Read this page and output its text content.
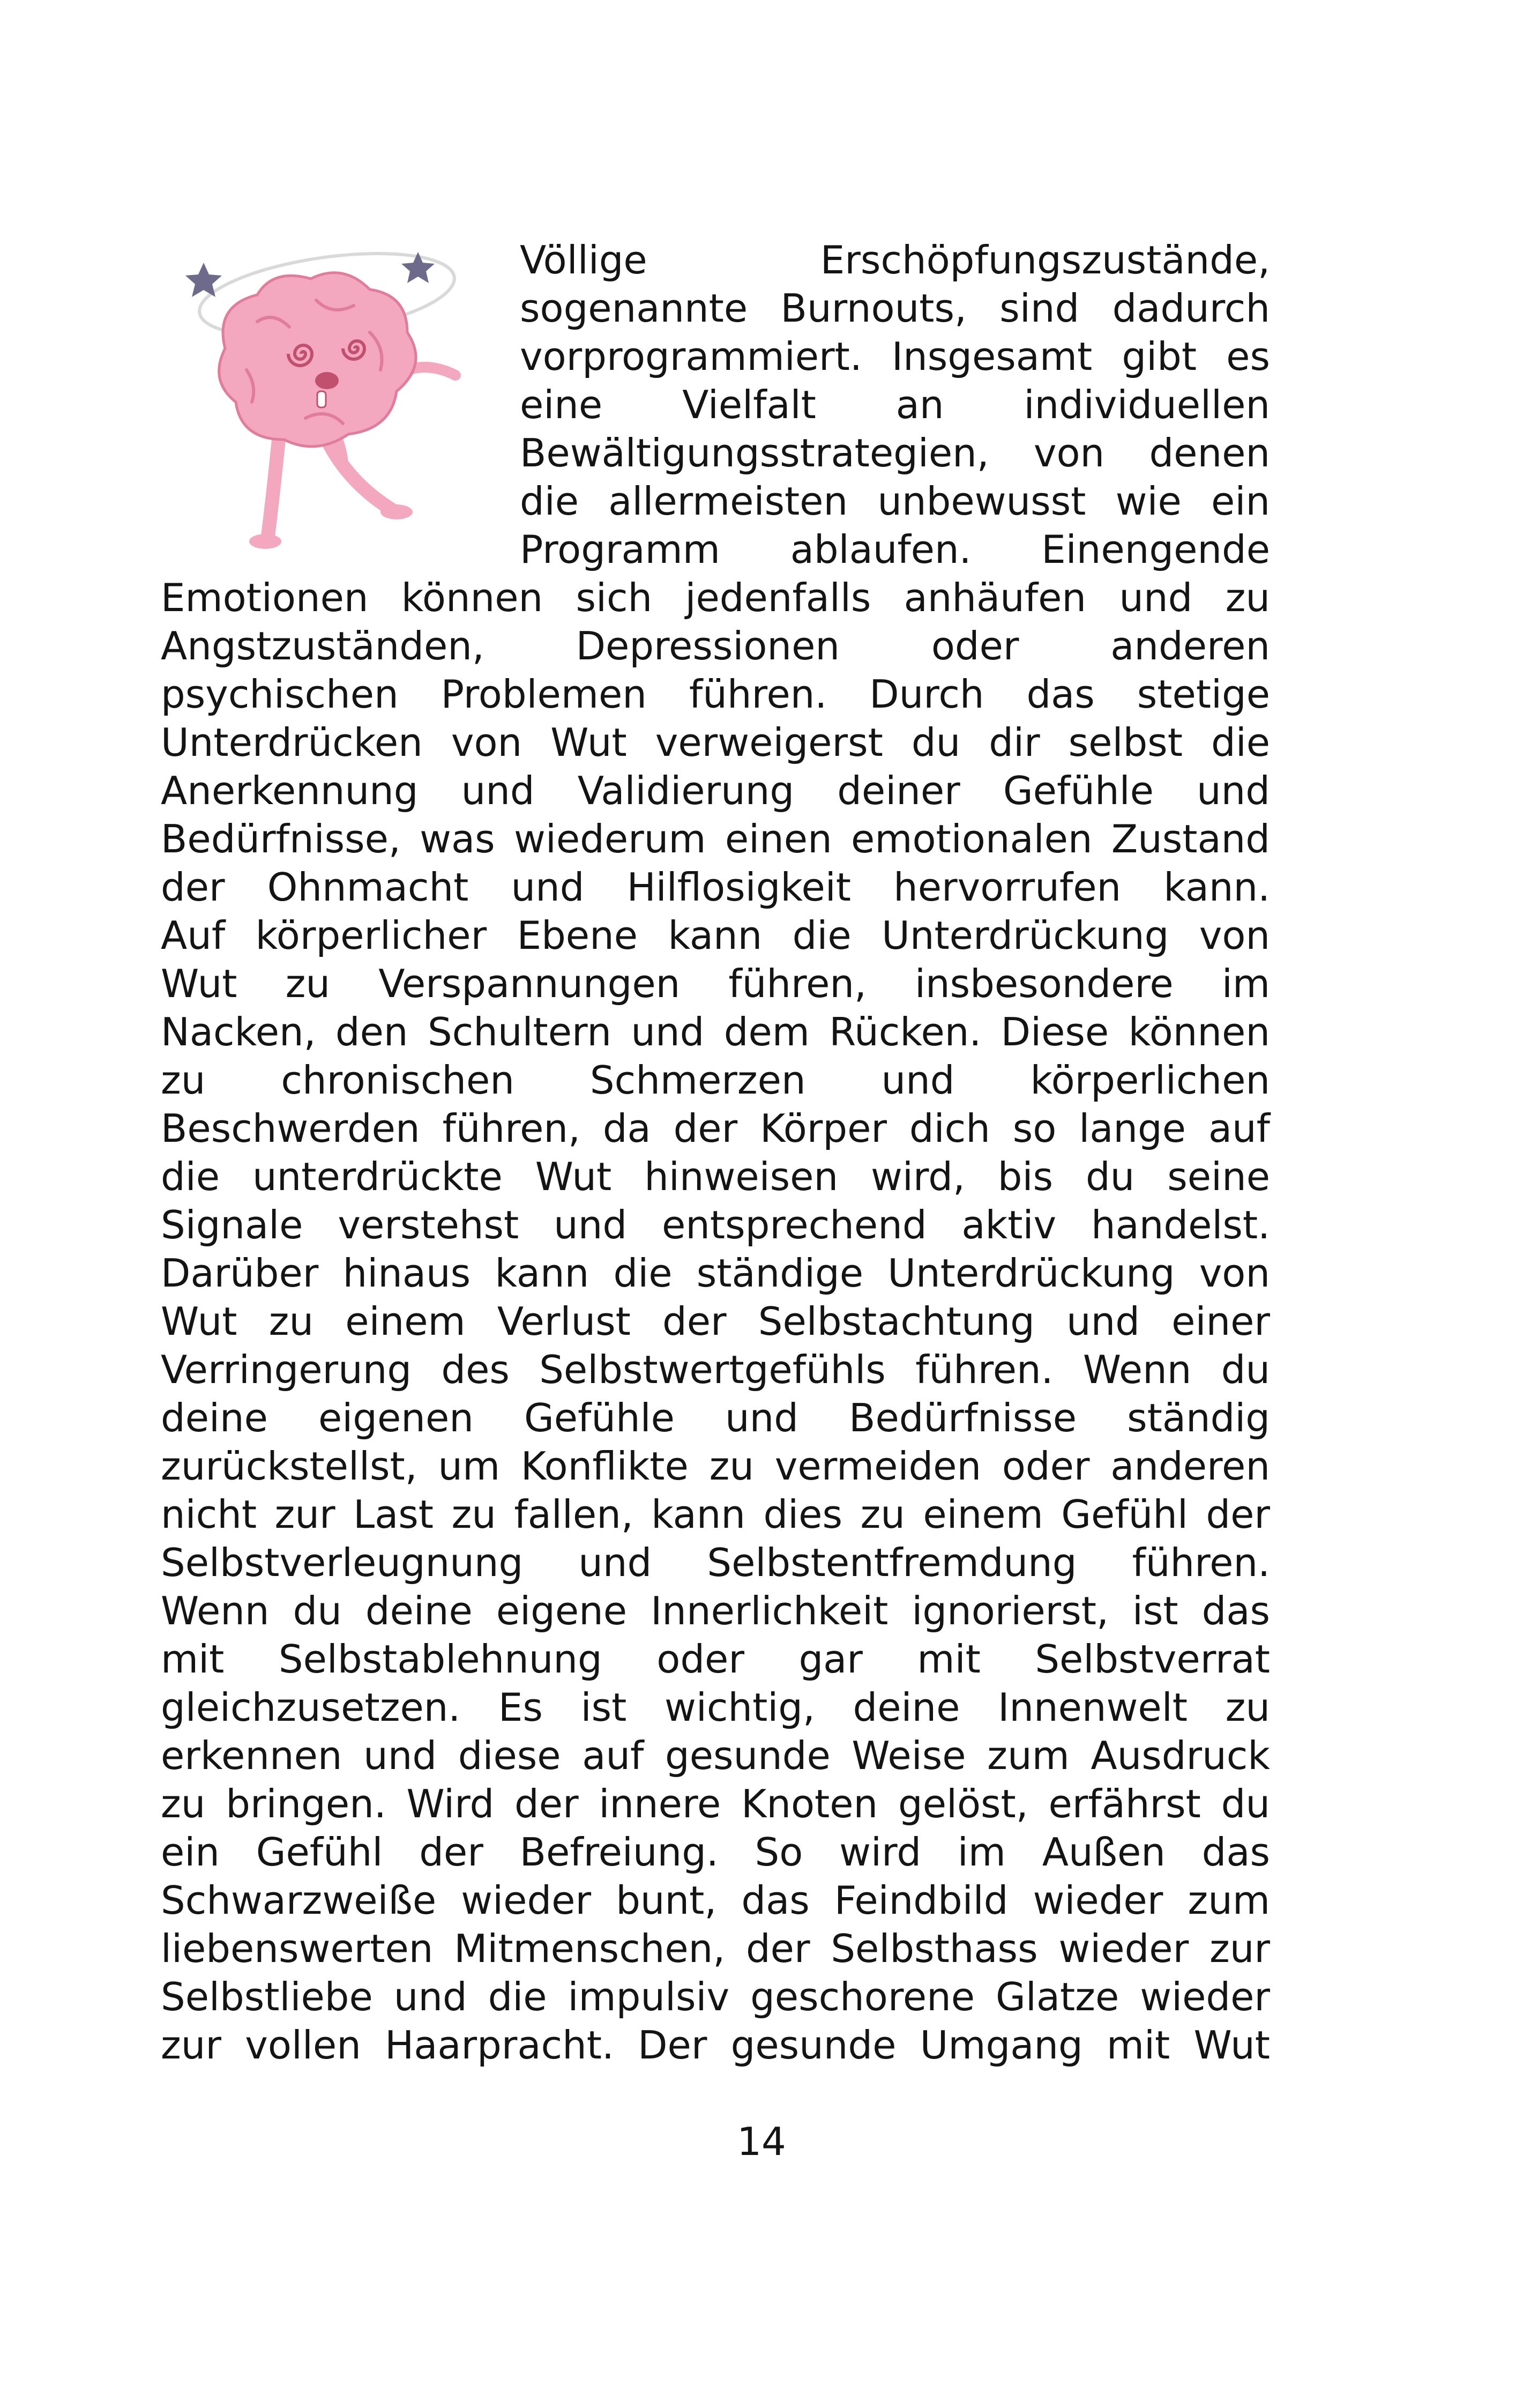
Völlige Erschöpfungszustände,
sogenannte Burnouts, sind dadurch
vorprogrammiert. Insgesamt gibt es
eine Vielfalt an individuellen
Bewältigungsstrategien, von denen
die allermeisten unbewusst wie ein
Programm ablaufen. Einengende
Emotionen können sich jedenfalls anhäufen und zu
Angstzuständen, Depressionen oder anderen
psychischen Problemen führen. Durch das stetige
Unterdrücken von Wut verweigerst du dir selbst die
Anerkennung und Validierung deiner Gefühle und
Bedürfnisse, was wiederum einen emotionalen Zustand
der Ohnmacht und Hilflosigkeit hervorrufen kann.
Auf körperlicher Ebene kann die Unterdrückung von
Wut zu Verspannungen führen, insbesondere im
Nacken, den Schultern und dem Rücken. Diese können
zu chronischen Schmerzen und körperlichen
Beschwerden führen, da der Körper dich so lange auf
die unterdrückte Wut hinweisen wird, bis du seine
Signale verstehst und entsprechend aktiv handelst.
Darüber hinaus kann die ständige Unterdrückung von
Wut zu einem Verlust der Selbstachtung und einer
Verringerung des Selbstwertgefühls führen. Wenn du
deine eigenen Gefühle und Bedürfnisse ständig
zurückstellst, um Konflikte zu vermeiden oder anderen
nicht zur Last zu fallen, kann dies zu einem Gefühl der
Selbstverleugnung und Selbstentfremdung führen.
Wenn du deine eigene Innerlichkeit ignorierst, ist das
mit Selbstablehnung oder gar mit Selbstverrat
gleichzusetzen. Es ist wichtig, deine Innenwelt zu
erkennen und diese auf gesunde Weise zum Ausdruck
zu bringen. Wird der innere Knoten gelöst, erfährst du
ein Gefühl der Befreiung. So wird im Außen das
Schwarzweiße wieder bunt, das Feindbild wieder zum
liebenswerten Mitmenschen, der Selbsthass wieder zur
Selbstliebe und die impulsiv geschorene Glatze wieder
zur vollen Haarpracht. Der gesunde Umgang mit Wut
14
